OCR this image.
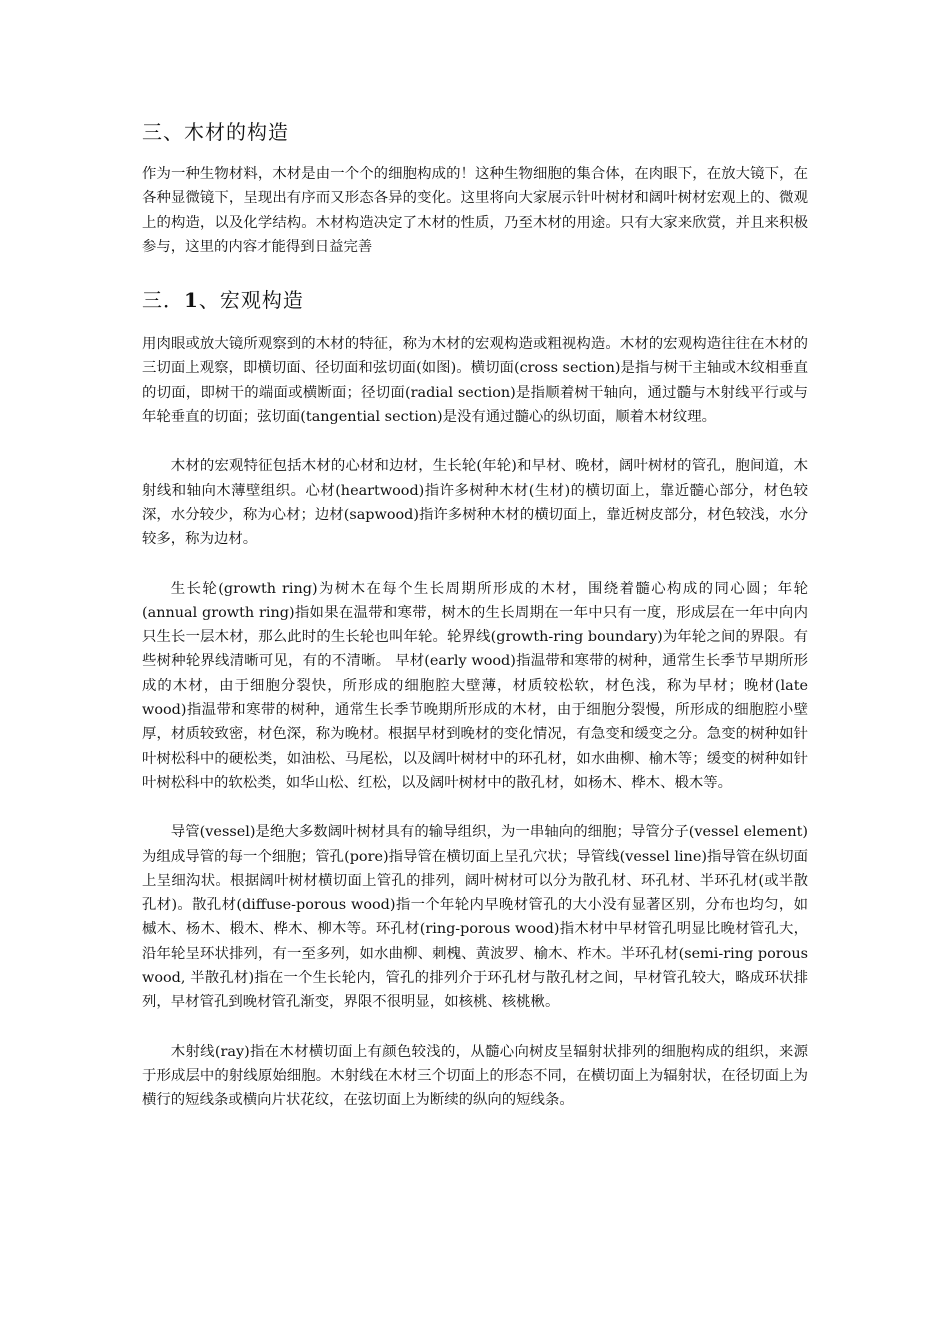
三、木材的构造

作为一种生物材料，木材是由一个个的细胞构成的！这种生物细胞的集合体，在肉眼下，在放大镜下，在各种显微镜下，呈现出有序而又形态各异的变化。这里将向大家展示针叶树材和阔叶树材宏观上的、微观上的构造，以及化学结构。木材构造决定了木材的性质，乃至木材的用途。只有大家来欣赏，并且来积极参与，这里的内容才能得到日益完善

三．1、宏观构造

用肉眼或放大镜所观察到的木材的特征，称为木材的宏观构造或粗视构造。木材的宏观构造往往在木材的三切面上观察，即横切面、径切面和弦切面(如图)。横切面(cross section)是指与树干主轴或木纹相垂直的切面，即树干的端面或横断面；径切面(radial section)是指顺着树干轴向，通过髓与木射线平行或与年轮垂直的切面；弦切面(tangential section)是没有通过髓心的纵切面，顺着木材纹理。

木材的宏观特征包括木材的心材和边材，生长轮(年轮)和早材、晚材，阔叶树材的管孔，胞间道，木射线和轴向木薄壁组织。心材(heartwood)指许多树种木材(生材)的横切面上，靠近髓心部分，材色较深，水分较少，称为心材；边材(sapwood)指许多树种木材的横切面上，靠近树皮部分，材色较浅，水分较多，称为边材。

生长轮(growth ring)为树木在每个生长周期所形成的木材，围绕着髓心构成的同心圆；年轮(annual growth ring)指如果在温带和寒带，树木的生长周期在一年中只有一度，形成层在一年中向内只生长一层木材，那么此时的生长轮也叫年轮。轮界线(growth-ring boundary)为年轮之间的界限。有些树种轮界线清晰可见，有的不清晰。 早材(early wood)指温带和寒带的树种，通常生长季节早期所形成的木材，由于细胞分裂快，所形成的细胞腔大壁薄，材质较松软，材色浅，称为早材；晚材(late wood)指温带和寒带的树种，通常生长季节晚期所形成的木材，由于细胞分裂慢，所形成的细胞腔小壁厚，材质较致密，材色深，称为晚材。根据早材到晚材的变化情况，有急变和缓变之分。急变的树种如针叶树松科中的硬松类，如油松、马尾松，以及阔叶树材中的环孔材，如水曲柳、榆木等；缓变的树种如针叶树松科中的软松类，如华山松、红松，以及阔叶树材中的散孔材，如杨木、桦木、椴木等。

导管(vessel)是绝大多数阔叶树材具有的输导组织，为一串轴向的细胞；导管分子(vessel element)为组成导管的每一个细胞；管孔(pore)指导管在横切面上呈孔穴状；导管线(vessel line)指导管在纵切面上呈细沟状。根据阔叶树材横切面上管孔的排列，阔叶树材可以分为散孔材、环孔材、半环孔材(或半散孔材)。散孔材(diffuse-porous wood)指一个年轮内早晚材管孔的大小没有显著区别，分布也均匀，如槭木、杨木、椴木、桦木、柳木等。环孔材(ring-porous wood)指木材中早材管孔明显比晚材管孔大，沿年轮呈环状排列，有一至多列，如水曲柳、刺槐、黄波罗、榆木、柞木。半环孔材(semi-ring porous wood, 半散孔材)指在一个生长轮内，管孔的排列介于环孔材与散孔材之间，早材管孔较大，略成环状排列，早材管孔到晚材管孔渐变，界限不很明显，如核桃、核桃楸。

木射线(ray)指在木材横切面上有颜色较浅的，从髓心向树皮呈辐射状排列的细胞构成的组织，来源于形成层中的射线原始细胞。木射线在木材三个切面上的形态不同，在横切面上为辐射状，在径切面上为横行的短线条或横向片状花纹，在弦切面上为断续的纵向的短线条。
